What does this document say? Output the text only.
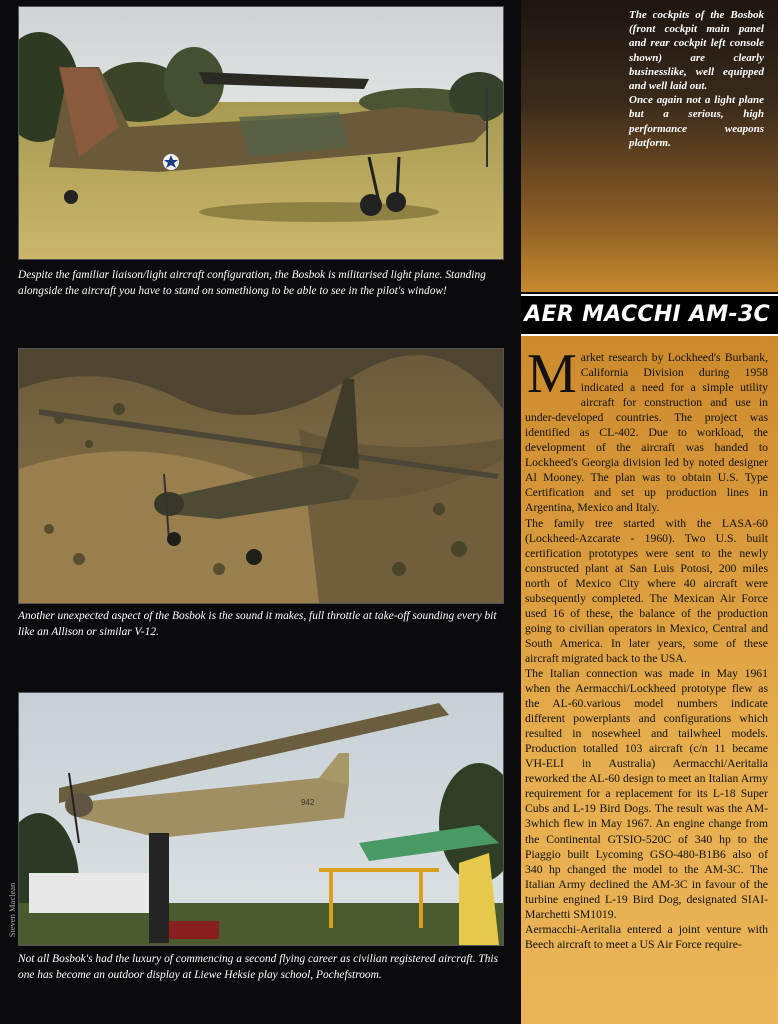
Despite the familiar liaison/light aircraft configuration, the Bosbok is militarised light plane. Standing alongside the aircraft you have to stand on somethiong to be able to see in the pilot's window!

The cockpits of the Bosbok (front cockpit main panel and rear cockpit left console shown) are clearly businesslike, well equipped and well laid out.

Once again not a light plane but a serious, high performance weapons platform.

AER MACCHI AM-3C
Another unexpected aspect of the Bosbok is the sound it makes, full throttle at take-off sounding every bit like an Allison or similar V-12.
942
Not all Bosbok's had the luxury of commencing a second flying career as civilian registered aircraft. This one has become an outdoor display at Liewe Heksie play school, Pochefstroom.
Steven Maclean

Market research by Lockheed's Burbank, California Division during 1958 indicated a need for a simple utility aircraft for construction and use in under-developed countries. The project was identified as CL-402. Due to workload, the development of the aircraft was handed to Lockheed's Georgia division led by noted designer Al Mooney. The plan was to obtain U.S. Type Certification and set up production lines in Argentina, Mexico and Italy.

The family tree started with the LASA-60 (Lockheed-Azcarate - 1960). Two U.S. built certification prototypes were sent to the newly constructed plant at San Luis Potosi, 200 miles north of Mexico City where 40 aircraft were subsequently completed. The Mexican Air Force used 16 of these, the balance of the production going to civilian operators in Mexico, Central and South America. In later years, some of these aircraft migrated back to the USA.

The Italian connection was made in May 1961 when the Aermacchi/Lockheed prototype flew as the AL-60.various model numbers indicate different powerplants and configurations which resulted in nosewheel and tailwheel models. Production totalled 103 aircraft (c/n 11 became VH-ELI in Australia) Aermacchi/Aeritalia reworked the AL-60 design to meet an Italian Army requirement for a replacement for its L-18 Super Cubs and L-19 Bird Dogs. The result was the AM-3which flew in May 1967. An engine change from the Continental GTSIO-520C of 340 hp to the Piaggio built Lycoming GSO-480-B1B6 also of 340 hp changed the model to the AM-3C. The Italian Army declined the AM-3C in favour of the turbine engined L-19 Bird Dog, designated SIAI-Marchetti SM1019.

Aermacchi-Aeritalia entered a joint venture with Beech aircraft to meet a US Air Force require-
